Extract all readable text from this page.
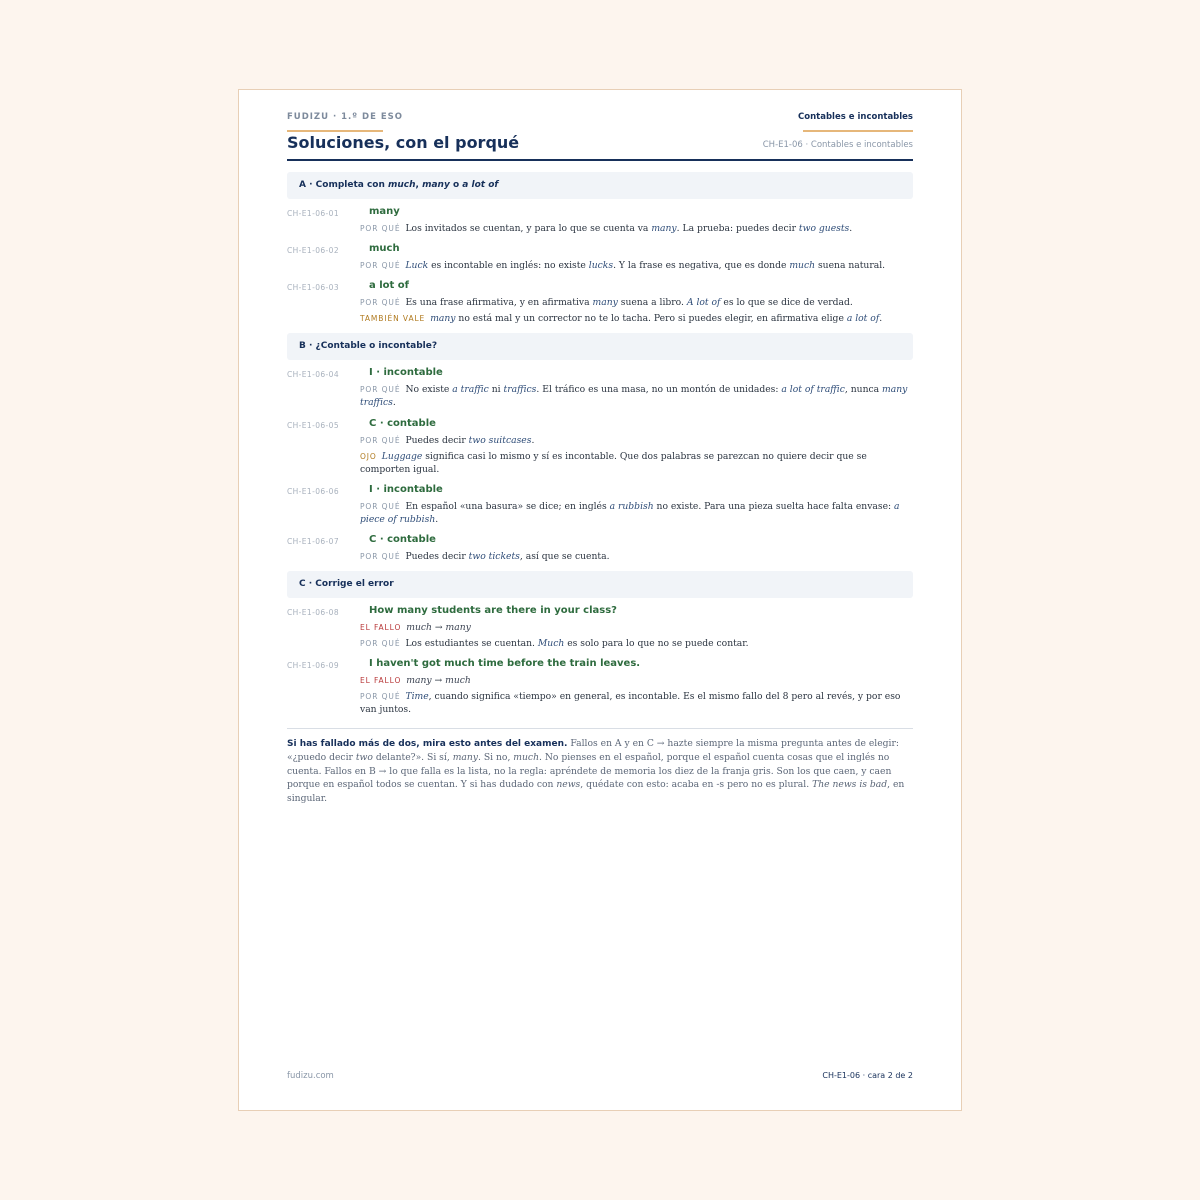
FUDIZU · 1.º DE ESO
Soluciones, con el porqué
Contables e incontables
CH-E1-06 · Contables e incontables
A · Completa con much, many o a lot of
CH-E1-06-01	many
POR QUÉ Los invitados se cuentan, y para lo que se cuenta va many. La prueba: puedes decir two guests.
CH-E1-06-02	much
POR QUÉ Luck es incontable en inglés: no existe lucks. Y la frase es negativa, que es donde much suena natural.
CH-E1-06-03	a lot of
POR QUÉ Es una frase afirmativa, y en afirmativa many suena a libro. A lot of es lo que se dice de verdad.
TAMBIÉN VALE many no está mal y un corrector no te lo tacha. Pero si puedes elegir, en afirmativa elige a lot of.
B · ¿Contable o incontable?
CH-E1-06-04	I · incontable
POR QUÉ No existe a traffic ni traffics. El tráfico es una masa, no un montón de unidades: a lot of traffic, nunca many traffics.
CH-E1-06-05	C · contable
POR QUÉ Puedes decir two suitcases.
OJO Luggage significa casi lo mismo y sí es incontable. Que dos palabras se parezcan no quiere decir que se comporten igual.
CH-E1-06-06	I · incontable
POR QUÉ En español «una basura» se dice; en inglés a rubbish no existe. Para una pieza suelta hace falta envase: a piece of rubbish.
CH-E1-06-07	C · contable
POR QUÉ Puedes decir two tickets, así que se cuenta.
C · Corrige el error
CH-E1-06-08	How many students are there in your class?
EL FALLO much → many
POR QUÉ Los estudiantes se cuentan. Much es solo para lo que no se puede contar.
CH-E1-06-09	I haven't got much time before the train leaves.
EL FALLO many → much
POR QUÉ Time, cuando significa «tiempo» en general, es incontable. Es el mismo fallo del 8 pero al revés, y por eso van juntos.
Si has fallado más de dos, mira esto antes del examen. Fallos en A y en C → hazte siempre la misma pregunta antes de elegir: «¿puedo decir two delante?». Si sí, many. Si no, much. No pienses en el español, porque el español cuenta cosas que el inglés no cuenta. Fallos en B → lo que falla es la lista, no la regla: apréndete de memoria los diez de la franja gris. Son los que caen, y caen porque en español todos se cuentan. Y si has dudado con news, quédate con esto: acaba en -s pero no es plural. The news is bad, en singular.
fudizu.com	CH-E1-06 · cara 2 de 2
